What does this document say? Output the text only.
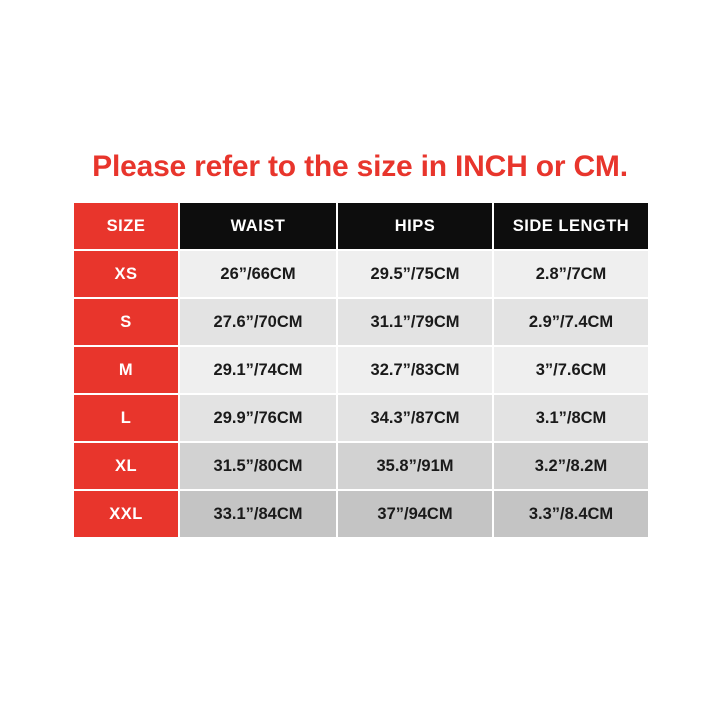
Please refer to the size in INCH or CM.
SIZE	WAIST	HIPS	SIDE LENGTH
XS	26”/66CM	29.5”/75CM	2.8”/7CM
S	27.6”/70CM	31.1”/79CM	2.9”/7.4CM
M	29.1”/74CM	32.7”/83CM	3”/7.6CM
L	29.9”/76CM	34.3”/87CM	3.1”/8CM
XL	31.5”/80CM	35.8”/91M	3.2”/8.2M
XXL	33.1”/84CM	37”/94CM	3.3”/8.4CM
